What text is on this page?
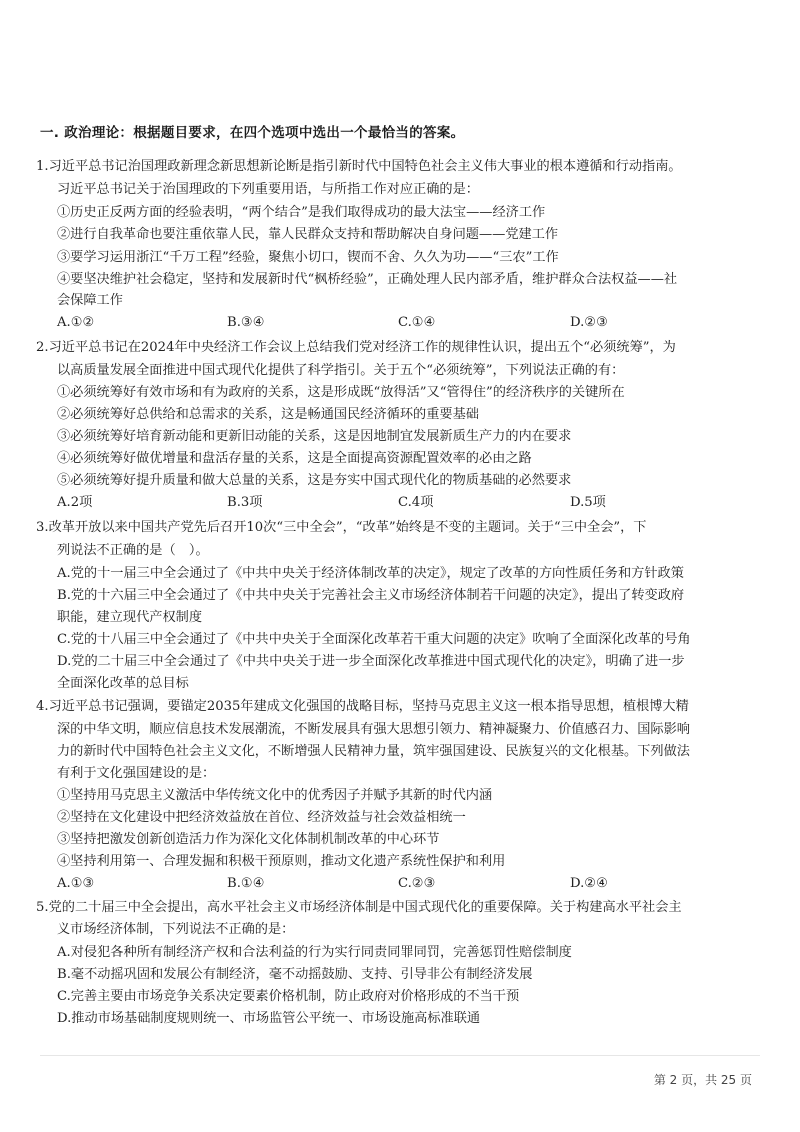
一. 政治理论：根据题目要求，在四个选项中选出一个最恰当的答案。
1.习近平总书记治国理政新理念新思想新论断是指引新时代中国特色社会主义伟大事业的根本遵循和行动指南。
习近平总书记关于治国理政的下列重要用语，与所指工作对应正确的是：
①历史正反两方面的经验表明，“两个结合”是我们取得成功的最大法宝——经济工作
②进行自我革命也要注重依靠人民，靠人民群众支持和帮助解决自身问题——党建工作
③要学习运用浙江“千万工程”经验，聚焦小切口，锲而不舍、久久为功——“三农”工作
④要坚决维护社会稳定，坚持和发展新时代“枫桥经验”，正确处理人民内部矛盾，维护群众合法权益——社
会保障工作
A.①②	B.③④	C.①④	D.②③
2.习近平总书记在2024年中央经济工作会议上总结我们党对经济工作的规律性认识，提出五个“必须统筹”，为
以高质量发展全面推进中国式现代化提供了科学指引。关于五个“必须统筹”，下列说法正确的有：
①必须统筹好有效市场和有为政府的关系，这是形成既“放得活”又“管得住”的经济秩序的关键所在
②必须统筹好总供给和总需求的关系，这是畅通国民经济循环的重要基础
③必须统筹好培育新动能和更新旧动能的关系，这是因地制宜发展新质生产力的内在要求
④必须统筹好做优增量和盘活存量的关系，这是全面提高资源配置效率的必由之路
⑤必须统筹好提升质量和做大总量的关系，这是夯实中国式现代化的物质基础的必然要求
A.2项	B.3项	C.4项	D.5项
3.改革开放以来中国共产党先后召开10次“三中全会”，“改革”始终是不变的主题词。关于“三中全会”，下
列说法不正确的是（　）。
A.党的十一届三中全会通过了《中共中央关于经济体制改革的决定》，规定了改革的方向性质任务和方针政策
B.党的十六届三中全会通过了《中共中央关于完善社会主义市场经济体制若干问题的决定》，提出了转变政府
职能，建立现代产权制度
C.党的十八届三中全会通过了《中共中央关于全面深化改革若干重大问题的决定》吹响了全面深化改革的号角
D.党的二十届三中全会通过了《中共中央关于进一步全面深化改革推进中国式现代化的决定》，明确了进一步
全面深化改革的总目标
4.习近平总书记强调，要锚定2035年建成文化强国的战略目标，坚持马克思主义这一根本指导思想，植根博大精
深的中华文明，顺应信息技术发展潮流，不断发展具有强大思想引领力、精神凝聚力、价值感召力、国际影响
力的新时代中国特色社会主义文化，不断增强人民精神力量，筑牢强国建设、民族复兴的文化根基。下列做法
有利于文化强国建设的是：
①坚持用马克思主义激活中华传统文化中的优秀因子并赋予其新的时代内涵
②坚持在文化建设中把经济效益放在首位、经济效益与社会效益相统一
③坚持把激发创新创造活力作为深化文化体制机制改革的中心环节
④坚持利用第一、合理发掘和积极干预原则，推动文化遗产系统性保护和利用
A.①③	B.①④	C.②③	D.②④
5.党的二十届三中全会提出，高水平社会主义市场经济体制是中国式现代化的重要保障。关于构建高水平社会主
义市场经济体制，下列说法不正确的是：
A.对侵犯各种所有制经济产权和合法利益的行为实行同责同罪同罚，完善惩罚性赔偿制度
B.毫不动摇巩固和发展公有制经济，毫不动摇鼓励、支持、引导非公有制经济发展
C.完善主要由市场竞争关系决定要素价格机制，防止政府对价格形成的不当干预
D.推动市场基础制度规则统一、市场监管公平统一、市场设施高标准联通
第 2 页，共 25 页
